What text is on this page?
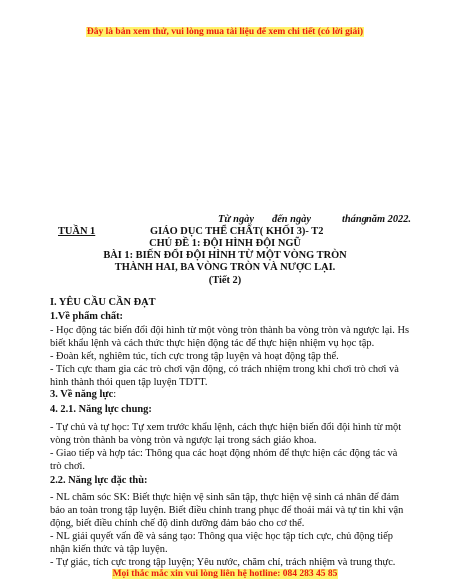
Đây là bản xem thử, vui lòng mua tài liệu để xem chi tiết (có lời giải)
Từ ngày đến ngày	tháng năm 2022.
TUẦN 1	GIÁO DỤC THỂ CHẤT( KHỐI 3)- T2
CHỦ ĐỀ 1: ĐỘI HÌNH ĐỘI NGŨ
BÀI 1: BIẾN ĐỔI ĐỘI HÌNH TỪ MỘT VÒNG TRÒN
THÀNH HAI, BA VÒNG TRÒN VÀ NƯỢC LẠI.
(Tiết 2)
I. YÊU CẦU CẦN ĐẠT
1.Về phẩm chất:
- Học động tác biến đổi đội hình từ một vòng tròn thành ba vòng tròn và ngược lại. Hs
biết khẩu lệnh và cách thức thực hiện động tác để thực hiện nhiệm vụ học tập.
- Đoàn kết, nghiêm túc, tích cực trong tập luyện và hoạt động tập thể.
- Tích cực tham gia các trò chơi vận động, có trách nhiệm trong khi chơi trò chơi và
hình thành thói quen tập luyện TDTT.
3. Về năng lực:
4. 2.1. Năng lực chung:
- Tự chủ và tự học: Tự xem trước khẩu lệnh, cách thực hiện biến đổi đội hình từ một
vòng tròn thành ba vòng tròn và ngược lại trong sách giáo khoa.
- Giao tiếp và hợp tác: Thông qua các hoạt động nhóm để thực hiện các động tác và
trò chơi.
2.2. Năng lực đặc thù:
- NL chăm sóc SK: Biết thực hiện vệ sinh sân tập, thực hiện vệ sinh cá nhân để đảm
bảo an toàn trong tập luyện. Biết điều chỉnh trang phục để thoải mái và tự tin khi vận
động, biết điều chỉnh chế độ dinh dưỡng đảm bảo cho cơ thể.
- NL giải quyết vấn đề và sáng tạo: Thông qua việc học tập tích cực, chủ động tiếp
nhận kiến thức và tập luyện.
- Tự giác, tích cực trong tập luyện; Yêu nước, chăm chỉ, trách nhiệm và trung thực.
Mọi thắc mắc xin vui lòng liên hệ hotline: 084 283 45 85
